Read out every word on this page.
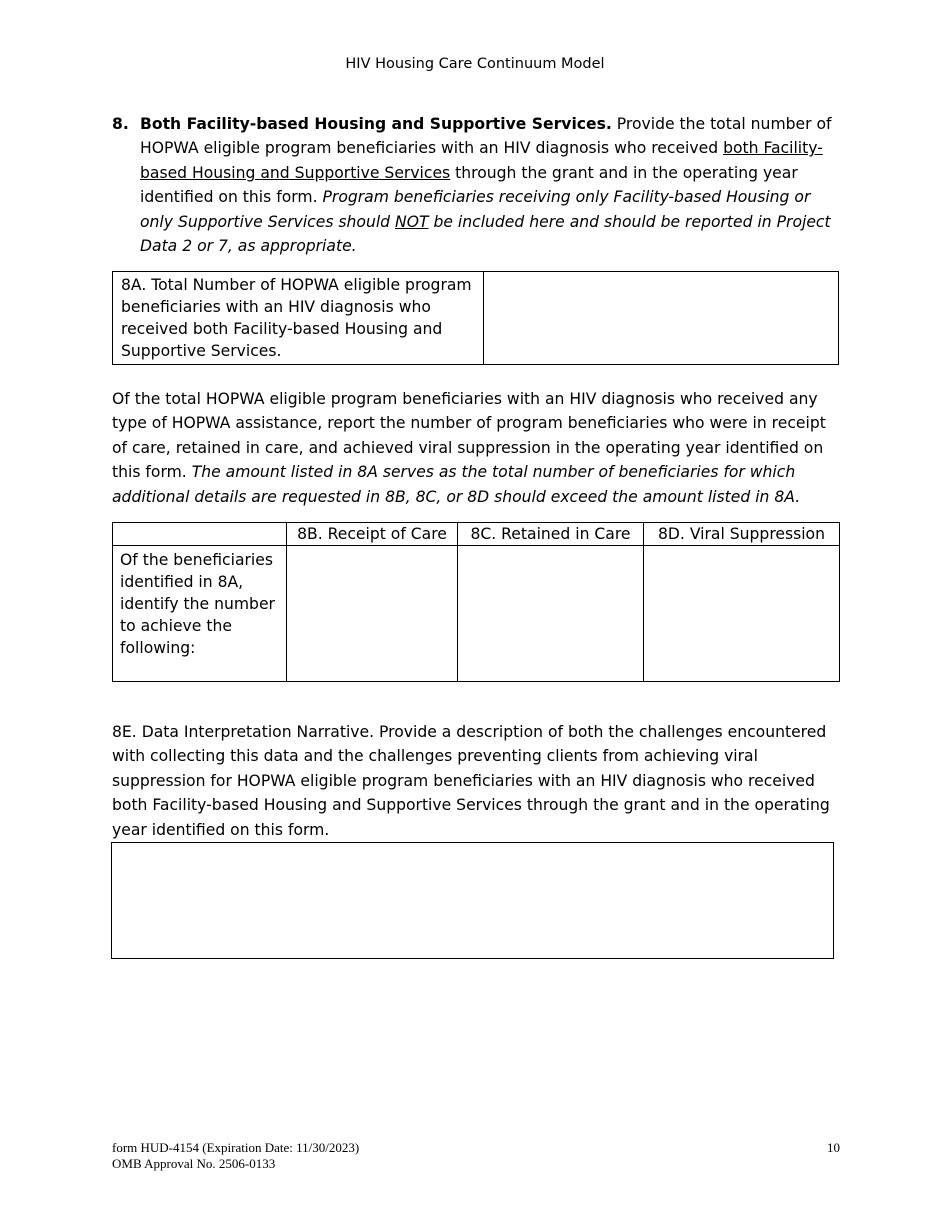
HIV Housing Care Continuum Model
8. Both Facility-based Housing and Supportive Services. Provide the total number of HOPWA eligible program beneficiaries with an HIV diagnosis who received both Facility-based Housing and Supportive Services through the grant and in the operating year identified on this form. Program beneficiaries receiving only Facility-based Housing or only Supportive Services should NOT be included here and should be reported in Project Data 2 or 7, as appropriate.
8A. Total Number of HOPWA eligible program beneficiaries with an HIV diagnosis who received both Facility-based Housing and Supportive Services.	
Of the total HOPWA eligible program beneficiaries with an HIV diagnosis who received any type of HOPWA assistance, report the number of program beneficiaries who were in receipt of care, retained in care, and achieved viral suppression in the operating year identified on this form. The amount listed in 8A serves as the total number of beneficiaries for which additional details are requested in 8B, 8C, or 8D should exceed the amount listed in 8A.
	8B. Receipt of Care	8C. Retained in Care	8D. Viral Suppression
Of the beneficiaries identified in 8A, identify the number to achieve the following:			
8E. Data Interpretation Narrative. Provide a description of both the challenges encountered with collecting this data and the challenges preventing clients from achieving viral suppression for HOPWA eligible program beneficiaries with an HIV diagnosis who received both Facility-based Housing and Supportive Services through the grant and in the operating year identified on this form.
form HUD-4154 (Expiration Date: 11/30/2023)
OMB Approval No. 2506-0133
10
